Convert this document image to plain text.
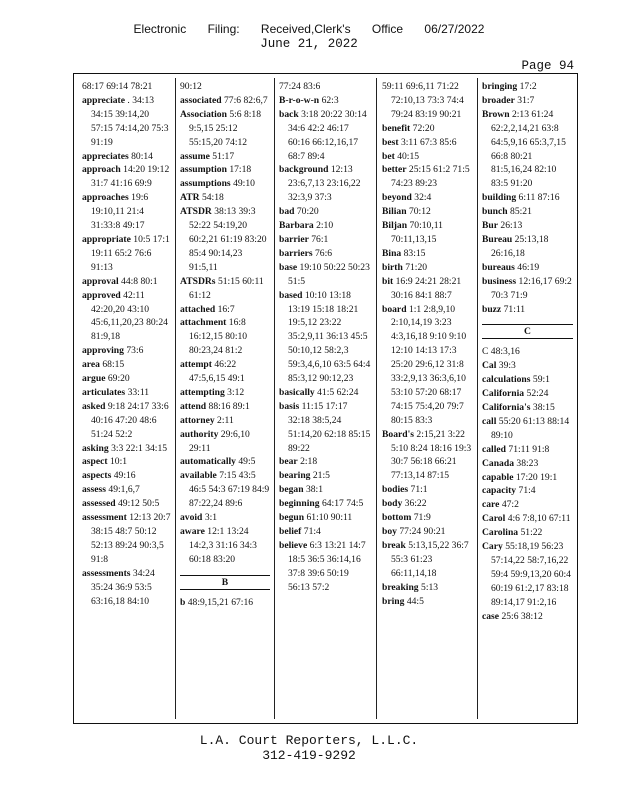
Electronic Filing: Received,Clerk's Office 06/27/2022
June 21, 2022
Page 94
68:17 69:14 78:21
appreciate . 34:13 34:15 39:14,20 57:15 74:14,20 75:3 91:19
appreciates 80:14
approach 14:20 19:12 31:7 41:16 69:9
approaches 19:6 19:10,11 21:4 31:33:8 49:17
appropriate 10:5 17:1 19:11 65:2 76:6 91:13
approval 44:8 80:1
approved 42:11 42:20,20 43:10 45:6,11,20,23 80:24 81:9,18
approving 73:6
area 68:15
argue 69:20
articulates 33:11
asked 9:18 24:17 33:6 40:16 47:20 48:6 51:24 52:2
asking 3:3 22:1 34:15
aspect 10:1
aspects 49:16
assess 49:1,6,7
assessed 49:12 50:5
assessment 12:13 20:7 38:15 48:7 50:12 52:13 89:24 90:3,5 91:8
assessments 34:24 35:24 36:9 53:5 63:16,18 84:10
90:12
associated 77:6 82:6,7
Association 5:6 8:18 9:5,15 25:12 55:15,20 74:12
assume 51:17
assumption 17:18
assumptions 49:10
ATR 54:18
ATSDR 38:13 39:3 52:22 54:19,20 60:2,21 61:19 83:20 85:4 90:14,23 91:5,11
ATSDRs 51:15 60:11 61:12
attached 16:7
attachment 16:8 16:12,15 80:10 80:23,24 81:2
attempt 46:22 47:5,6,15 49:1
attempting 3:12
attend 88:16 89:1
attorney 2:11
authority 29:6,10 29:11
automatically 49:5
available 7:15 43:5 46:5 54:3 67:19 84:9 87:22,24 89:6
avoid 3:1
aware 12:1 13:24 14:2,3 31:16 34:3 60:18 83:20
B
b 48:9,15,21 67:16
77:24 83:6
B-r-o-w-n 62:3
back 3:18 20:22 30:14 34:6 42:2 46:17 60:16 66:12,16,17 68:7 89:4
background 12:13 23:6,7,13 23:16,22 32:3,9 37:3
bad 70:20
Barbara 2:10
barrier 76:1
barriers 76:6
base 19:10 50:22 50:23 51:5
based 10:10 13:18 13:19 15:18 18:21 19:5,12 23:22 35:2,9,11 36:13 45:5 50:10,12 58:2,3 59:3,4,6,10 63:5 64:4 85:3,12 90:12,23
basically 41:5 62:24
basis 11:15 17:17 32:18 38:5,24 51:14,20 62:18 85:15 89:22
bear 2:18
bearing 21:5
began 38:1
beginning 64:17 74:5
begun 61:10 90:11
belief 71:4
believe 6:3 13:21 14:7 18:5 36:5 36:14,16 37:8 39:6 50:19 56:13 57:2
59:11 69:6,11 71:22 72:10,13 73:3 74:4 79:24 83:19 90:21
benefit 72:20
best 3:11 67:3 85:6
bet 40:15
better 25:15 61:2 71:5 74:23 89:23
beyond 32:4
Bilian 70:12
Biljan 70:10,11 70:11,13,15
Bina 83:15
birth 71:20
bit 16:9 24:21 28:21 30:16 84:1 88:7
board 1:1 2:8,9,10 2:10,14,19 3:23 4:3,16,18 9:10 9:10 12:10 14:13 17:3 25:20 29:6,12 31:8 33:2,9,13 36:3,6,10 53:10 57:20 68:17 74:15 75:4,20 79:7 80:15 83:3
Board's 2:15,21 3:22 5:10 8:24 18:16 19:3 30:7 56:18 66:21 77:13,14 87:15
bodies 71:1
body 36:22
bottom 71:9
boy 77:24 90:21
break 5:13,15,22 36:7 55:3 61:23 66:11,14,18
breaking 5:13
bring 44:5
bringing 17:2
broader 31:7
Brown 2:13 61:24 62:2,2,14,21 63:8 64:5,9,16 65:3,7,15 66:8 80:21 81:5,16,24 82:10 83:5 91:20
building 6:11 87:16
bunch 85:21
Bur 26:13
Bureau 25:13,18 26:16,18
bureaus 46:19
business 12:16,17 69:2 70:3 71:9
buzz 71:11
C
C 48:3,16
Cal 39:3
calculations 59:1
California 52:24
California's 38:15
call 55:20 61:13 88:14 89:10
called 71:11 91:8
Canada 38:23
capable 17:20 19:1
capacity 71:4
care 47:2
Carol 4:6 7:8,10 67:11
Carolina 51:22
Cary 55:18,19 56:23 57:14,22 58:7,16,22 59:4 59:9,13,20 60:4 60:19 61:2,17 83:18 89:14,17 91:2,16
case 25:6 38:12
L.A. Court Reporters, L.L.C.
312-419-9292
